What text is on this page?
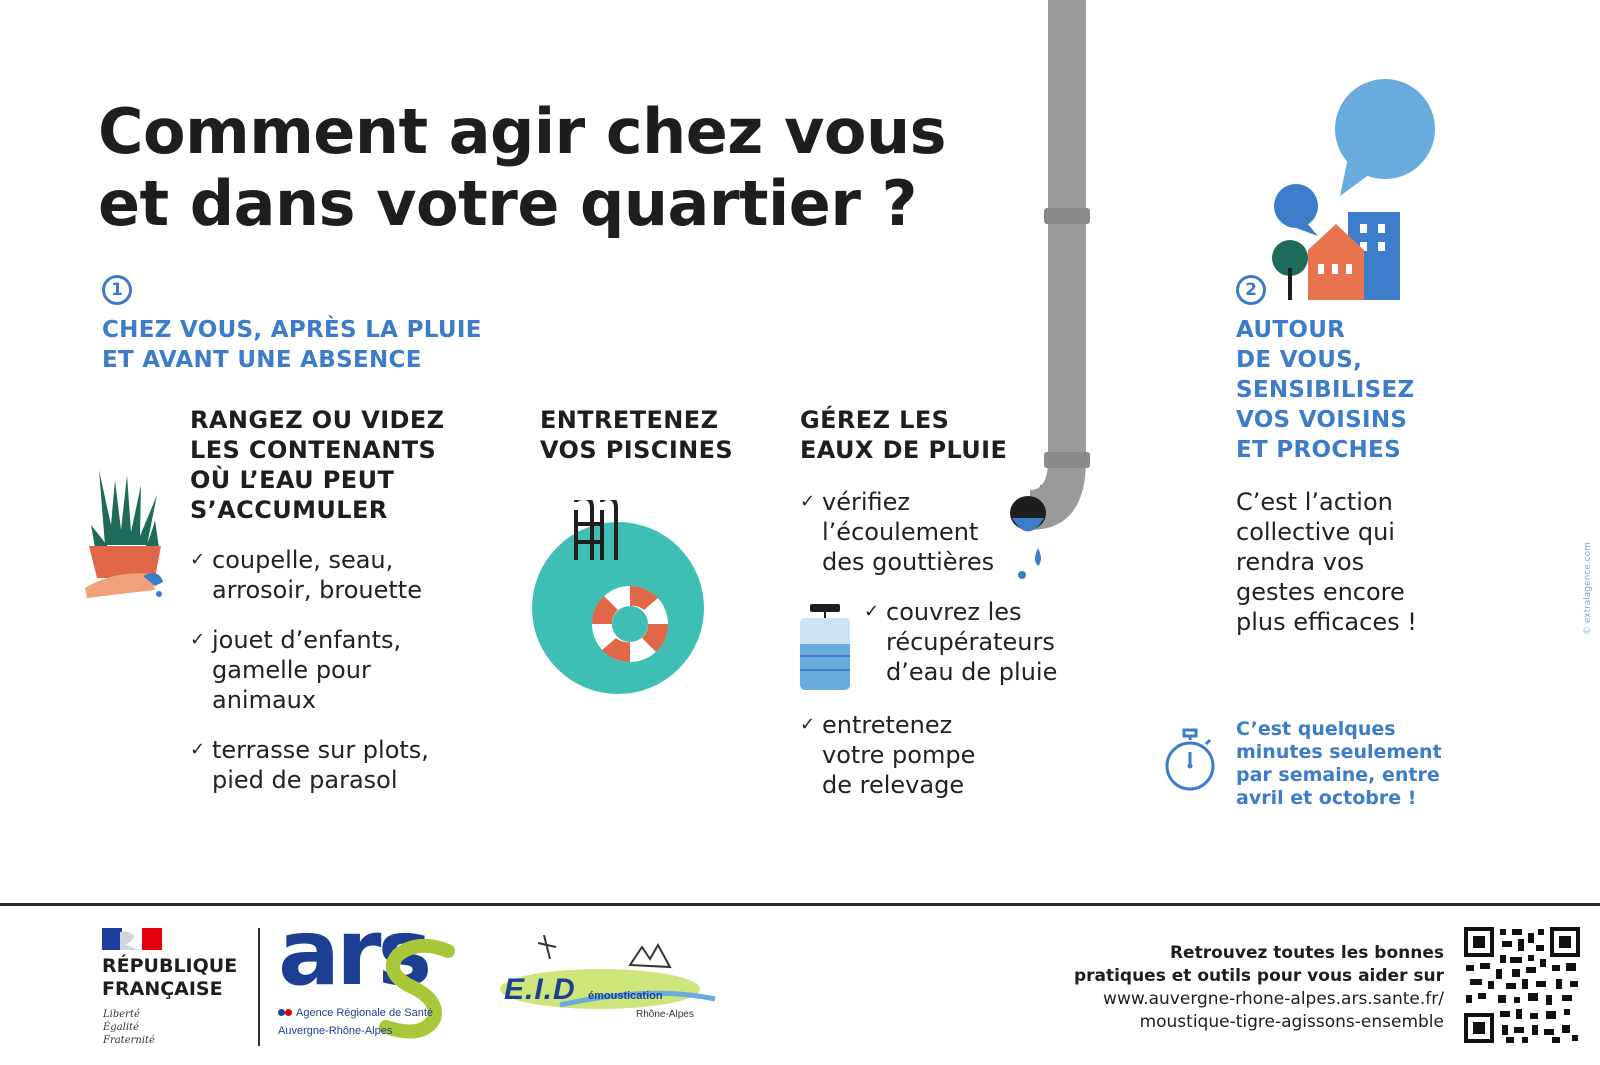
Comment agir chez vous
et dans votre quartier ?
1
CHEZ VOUS, APRÈS LA PLUIE
ET AVANT UNE ABSENCE
RANGEZ OU VIDEZ
LES CONTENANTS
OÙ L’EAU PEUT
S’ACCUMULER
✓ coupelle, seau,
arrosoir, brouette
✓ jouet d’enfants,
gamelle pour
animaux
✓ terrasse sur plots,
pied de parasol
ENTRETENEZ
VOS PISCINES
GÉREZ LES
EAUX DE PLUIE
✓ vérifiez
l’écoulement
des gouttières
✓ couvrez les
récupérateurs
d’eau de pluie
✓ entretenez
votre pompe
de relevage
2
AUTOUR
DE VOUS,
SENSIBILISEZ
VOS VOISINS
ET PROCHES
C’est l’action
collective qui
rendra vos
gestes encore
plus efficaces !
C’est quelques
minutes seulement
par semaine, entre
avril et octobre !
© extralagence.com
RÉPUBLIQUE
FRANÇAISE
Liberté
Égalité
Fraternité
ars
Agence Régionale de Santé
Auvergne-Rhône-Alpes
E.I.D émoustication
Rhône-Alpes
Retrouvez toutes les bonnes
pratiques et outils pour vous aider sur
www.auvergne-rhone-alpes.ars.sante.fr/
moustique-tigre-agissons-ensemble
